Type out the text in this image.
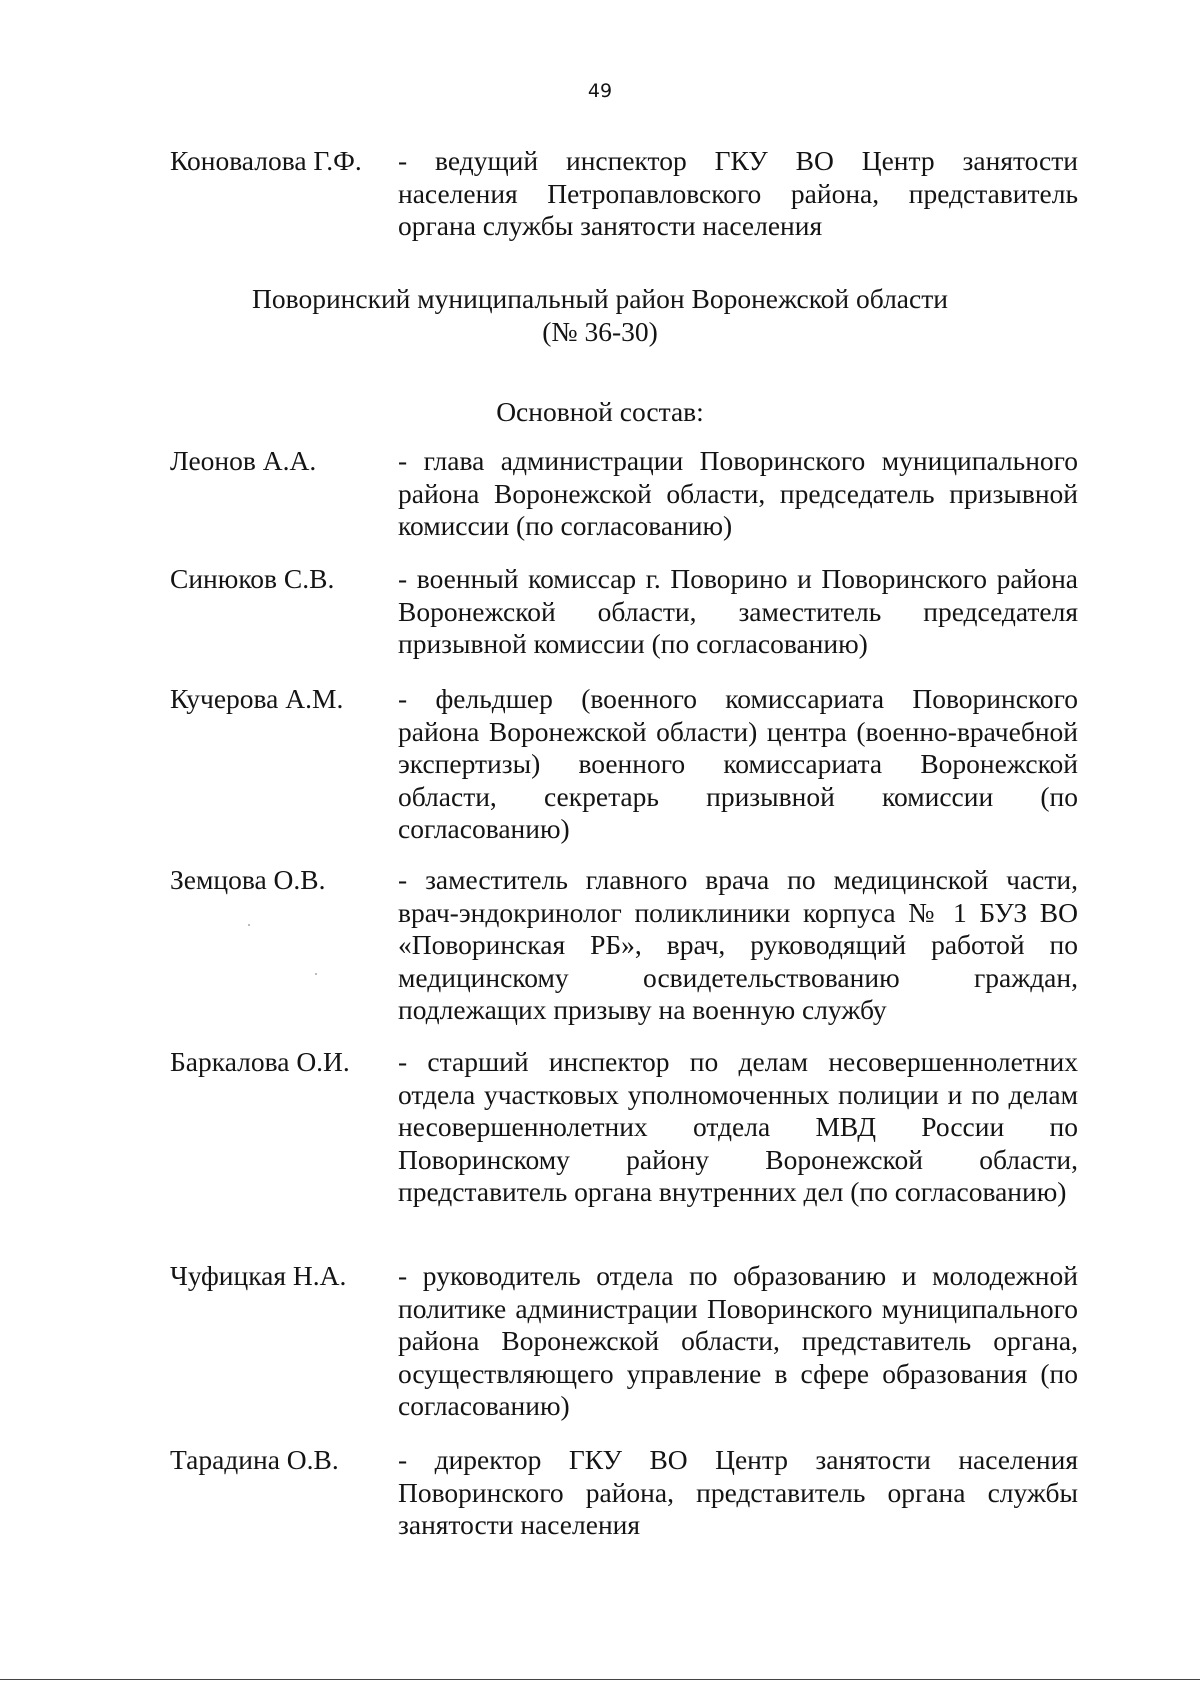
49
Коновалова Г.Ф.	- ведущий инспектор ГКУ ВО Центр занятости населения Петропавловского района, представитель органа службы занятости населения
Поворинский муниципальный район Воронежской области
(№ 36-30)
Основной состав:
Леонов А.А.	- глава администрации Поворинского муниципального района Воронежской области, председатель призывной комиссии (по согласованию)
Синюков С.В.	- военный комиссар г. Поворино и Поворинского района Воронежской области, заместитель председателя призывной комиссии (по согласованию)
Кучерова А.М.	- фельдшер (военного комиссариата Поворинского района Воронежской области) центра (военно-врачебной экспертизы) военного комиссариата Воронежской области, секретарь призывной комиссии (по согласованию)
Земцова О.В.	- заместитель главного врача по медицинской части, врач-эндокринолог поликлиники корпуса № 1 БУЗ ВО «Поворинская РБ», врач, руководящий работой по медицинскому освидетельствованию граждан, подлежащих призыву на военную службу
Баркалова О.И.	- старший инспектор по делам несовершеннолетних отдела участковых уполномоченных полиции и по делам несовершеннолетних отдела МВД России по Поворинскому району Воронежской области, представитель органа внутренних дел (по согласованию)
Чуфицкая Н.А.	- руководитель отдела по образованию и молодежной политике администрации Поворинского муниципального района Воронежской области, представитель органа, осуществляющего управление в сфере образования (по согласованию)
Тарадина О.В.	- директор ГКУ ВО Центр занятости населения Поворинского района, представитель органа службы занятости населения
